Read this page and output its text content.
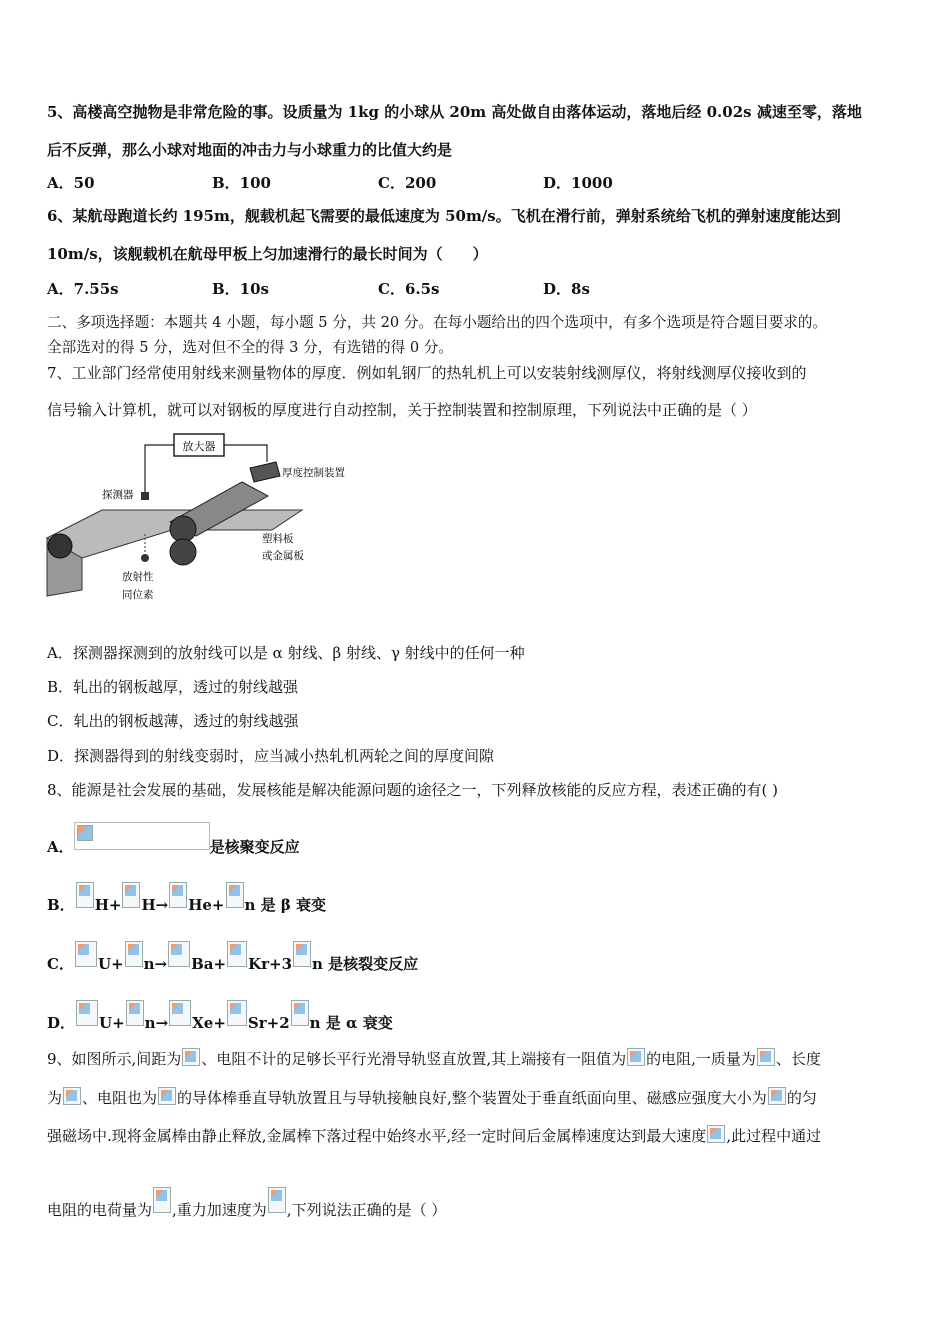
5、高楼高空抛物是非常危险的事。设质量为 1kg 的小球从 20m 高处做自由落体运动，落地后经 0.02s 减速至零，落地
后不反弹，那么小球对地面的冲击力与小球重力的比值大约是
A．50	B．100	C．200	D．1000
6、某航母跑道长约 195m，舰载机起飞需要的最低速度为 50m/s。飞机在滑行前，弹射系统给飞机的弹射速度能达到
10m/s，该舰载机在航母甲板上匀加速滑行的最长时间为（　　）
A．7.55s	B．10s	C．6.5s	D．8s
二、多项选择题：本题共 4 小题，每小题 5 分，共 20 分。在每小题给出的四个选项中，有多个选项是符合题目要求的。
全部选对的得 5 分，选对但不全的得 3 分，有选错的得 0 分。
7、工业部门经常使用射线来测量物体的厚度．例如轧钢厂的热轧机上可以安装射线测厚仪，将射线测厚仪接收到的
信号输入计算机，就可以对钢板的厚度进行自动控制，关于控制装置和控制原理，下列说法中正确的是（ ）
放大器
厚度控制装置
探测器
放射性
同位素
塑料板
或金属板
A．探测器探测到的放射线可以是 α 射线、β 射线、γ 射线中的任何一种
B．轧出的钢板越厚，透过的射线越强
C．轧出的钢板越薄，透过的射线越强
D．探测器得到的射线变弱时，应当减小热轧机两轮之间的厚度间隙
8、能源是社会发展的基础，发展核能是解决能源问题的途径之一，下列释放核能的反应方程，表述正确的有( )
A．	是核聚变反应
B． H+ H→ He+ n 是 β 衰变
C． U+ n→ Ba+ Kr+3 n 是核裂变反应
D． U+ n→ Xe+ Sr+2 n 是 α 衰变
9、如图所示,间距为 、电阻不计的足够长平行光滑导轨竖直放置,其上端接有一阻值为 的电阻,一质量为 、长度
为 、电阻也为 的导体棒垂直导轨放置且与导轨接触良好,整个装置处于垂直纸面向里、磁感应强度大小为 的匀
强磁场中.现将金属棒由静止释放,金属棒下落过程中始终水平,经一定时间后金属棒速度达到最大速度 ,此过程中通过
电阻的电荷量为 ,重力加速度为 ,下列说法正确的是（ ）
